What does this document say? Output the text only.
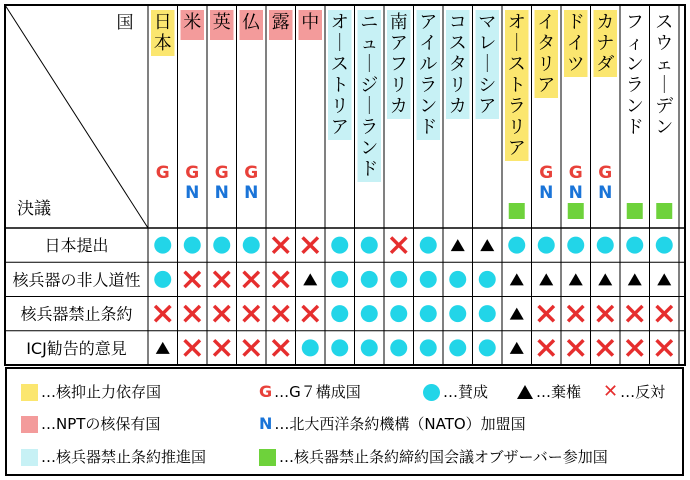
日本
G
米
G
N
英
G
N
仏
G
N
露 中 オ｜ストリア
ニュ｜ジ｜ランド
南アフリカ
アイルランド
コスタリカ
マレ｜シア
オ｜ストラリア
イタリア
G
N
ドイツ
G
N
カナダ
G
N
フィンランド
スウェ｜デン
国
決議
日本提出
核兵器の非人道性
核兵器禁止条約
ICJ勧告的意見
…核抑止力依存国
…NPTの核保有国
…核兵器禁止条約推進国
G …G７構成国
N …北大西洋条約機構（NATO）加盟国
…核兵器禁止条約締約国会議オブザーバー参加国
…賛成	…棄権 ✕ …反対
